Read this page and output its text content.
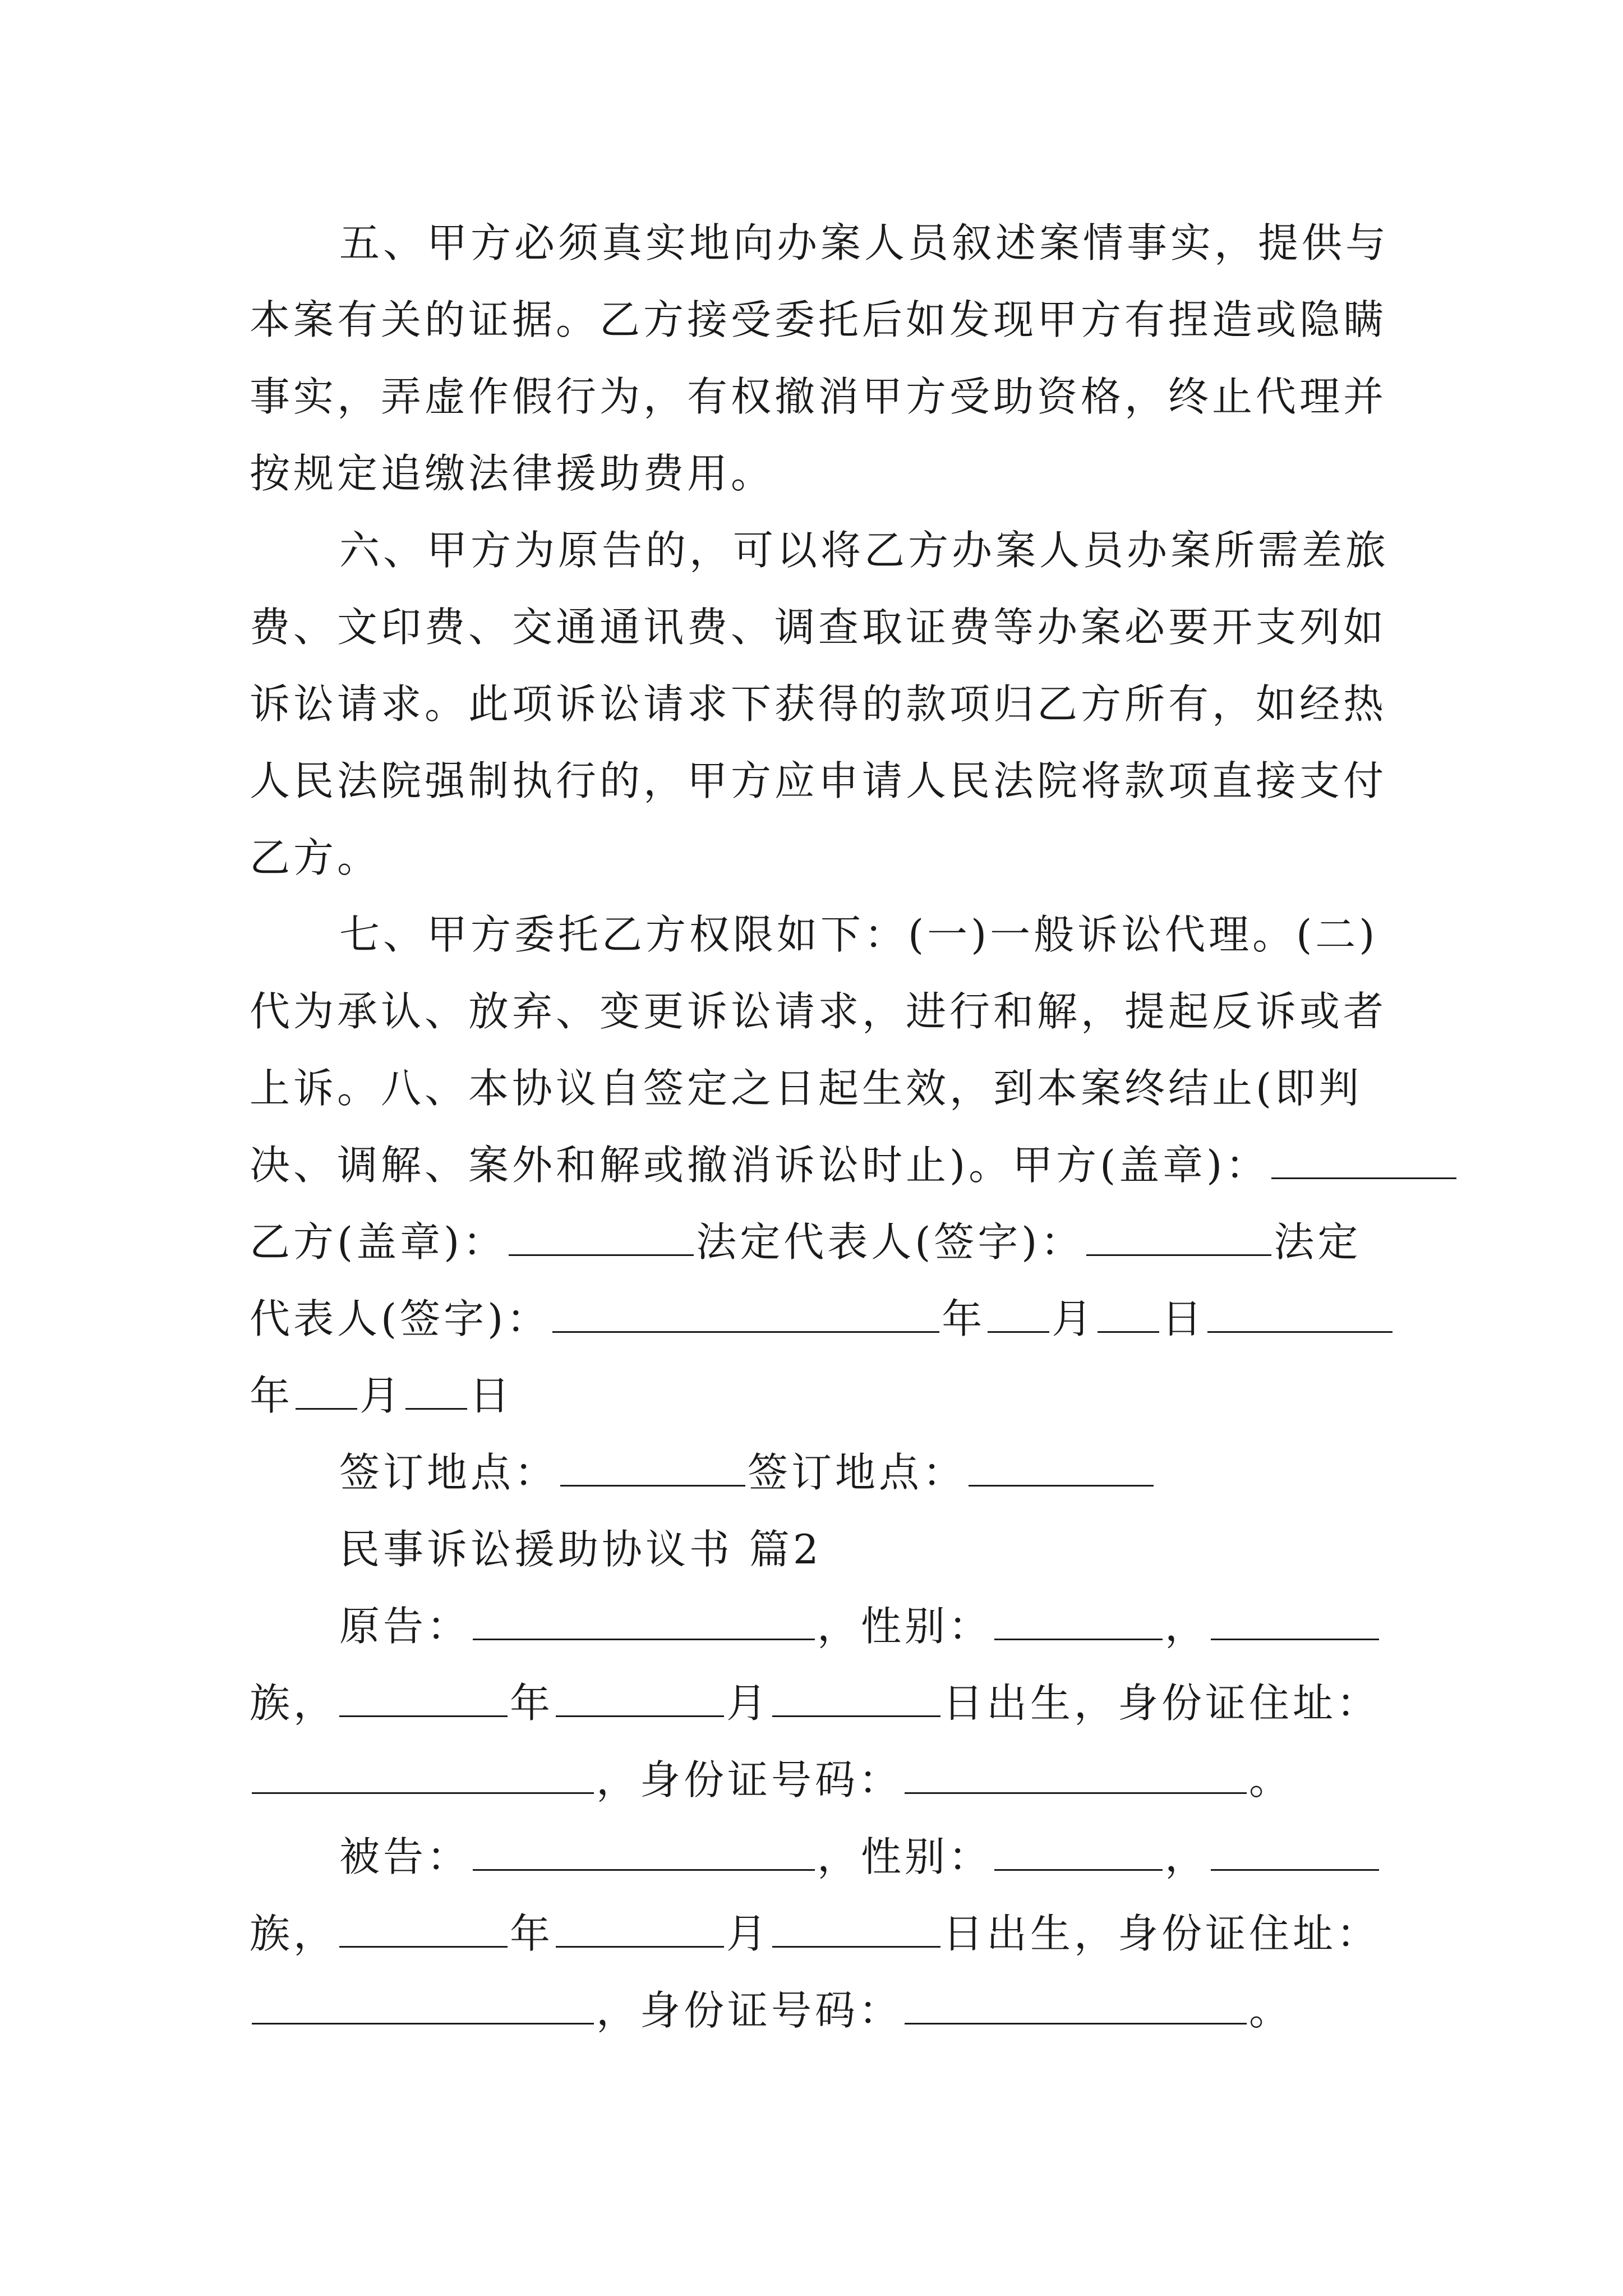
五、甲方必须真实地向办案人员叙述案情事实，提供与
本案有关的证据。乙方接受委托后如发现甲方有捏造或隐瞒
事实，弄虚作假行为，有权撤消甲方受助资格，终止代理并
按规定追缴法律援助费用。
六、甲方为原告的，可以将乙方办案人员办案所需差旅
费、文印费、交通通讯费、调查取证费等办案必要开支列如
诉讼请求。此项诉讼请求下获得的款项归乙方所有，如经热
人民法院强制执行的，甲方应申请人民法院将款项直接支付
乙方。
七、甲方委托乙方权限如下：(一)一般诉讼代理。(二)
代为承认、放弃、变更诉讼请求，进行和解，提起反诉或者
上诉。八、本协议自签定之日起生效，到本案终结止(即判
决、调解、案外和解或撤消诉讼时止)。甲方(盖章)：
乙方(盖章)：	法定代表人(签字)：	法定
代表人(签字)：	年 月 日
年 月 日
签订地点：	签订地点：
民事诉讼援助协议书 篇2
原告：	，性别：	，
族，	年	月	日出生，身份证住址：
，身份证号码：	。
被告：	，性别：	，
族，	年	月	日出生，身份证住址：
，身份证号码：	。
